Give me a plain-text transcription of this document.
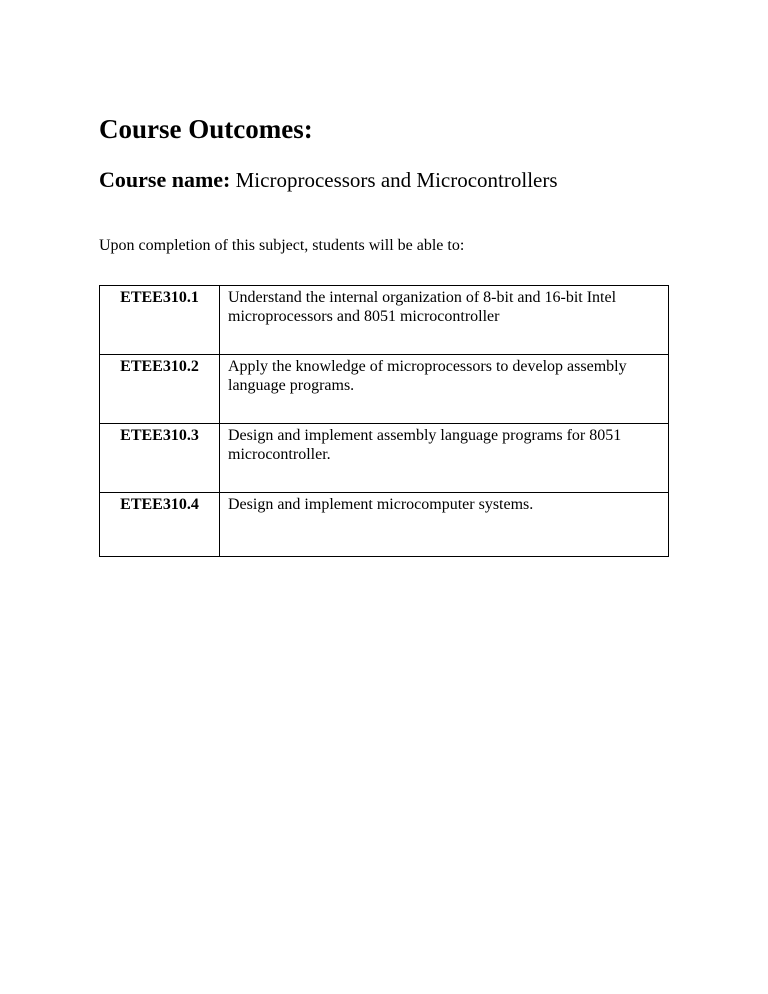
Course Outcomes:

Course name: Microprocessors and Microcontrollers

Upon completion of this subject, students will be able to:

ETEE310.1	Understand the internal organization of 8-bit and 16-bit Intel microprocessors and 8051 microcontroller
ETEE310.2	Apply the knowledge of microprocessors to develop assembly language programs.
ETEE310.3	Design and implement assembly language programs for 8051 microcontroller.
ETEE310.4	Design and implement microcomputer systems.
